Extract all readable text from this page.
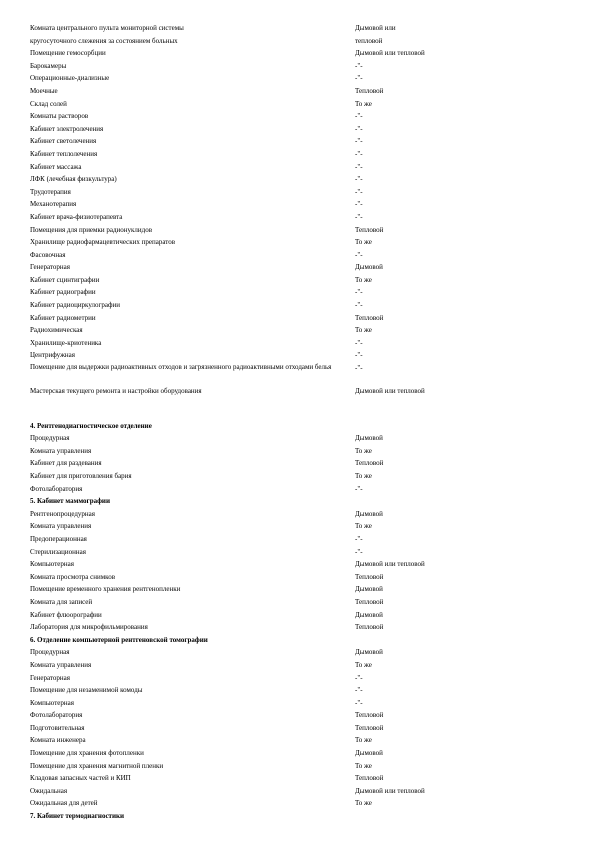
Комната центрального пульта мониторной системы	Дымовой или
кругосуточного слежения за состоянием больных	тепловой
Помещение гемосорбции	Дымовой или тепловой
Барокамеры	-"-
Операционные-диализные	-"-
Моечные	Тепловой
Склад солей	То же
Комнаты растворов	-"-
Кабинет электролечения	-"-
Кабинет светолечения	-"-
Кабинет теплолечения	-"-
Кабинет массажа	-"-
ЛФК (лечебная физкультура)	-"-
Трудотерапия	-"-
Механотерапия	-"-
Кабинет врача-физиотерапевта	-"-
Помещения для приемки радионуклидов	Тепловой
Хранилище радиофармацевтических препаратов	То же
Фасовочная	-"-
Генераторная	Дымовой
Кабинет сцинтиграфии	То же
Кабинет радиографии	-"-
Кабинет радиоциркулографии	-"-
Кабинет радиометрии	Тепловой
Радиохимическая	То же
Хранилище-криотеника	-"-
Центрифужная	-"-
Помещение для выдержки радиоактивных отходов и загрязненного радиоактивными отходами белья	-"-
Мастерская текущего ремонта и настройки оборудования	Дымовой или тепловой
4. Рентгенодиагностическое отделение
Процедурная	Дымовой
Комната управления	То же
Кабинет для раздевания	Тепловой
Кабинет для приготовления бария	То же
Фотолаборатория	-"-
5. Кабинет маммографии
Рентгенопроцедурная	Дымовой
Комната управления	То же
Предоперационная	-"-
Стерилизационная	-"-
Компьютерная	Дымовой или тепловой
Комната просмотра снимков	Тепловой
Помещение временного хранения рентгенопленки	Дымовой
Комната для записей	Тепловой
Кабинет флюорографии	Дымовой
Лаборатория для микрофильмирования	Тепловой
6. Отделение компьютерной рентгеновской томографии
Процедурная	Дымовой
Комната управления	То же
Генераторная	-"-
Помещение для незаменимой комоды	-"-
Компьютерная	-"-
Фотолаборатория	Тепловой
Подготовительная	Тепловой
Комната инженера	То же
Помещение для хранения фотопленки	Дымовой
Помещение для хранения магнитной пленки	То же
Кладовая запасных частей и КИП	Тепловой
Ожидальная	Дымовой или тепловой
Ожидальная для детей	То же
7. Кабинет термодиагностики
